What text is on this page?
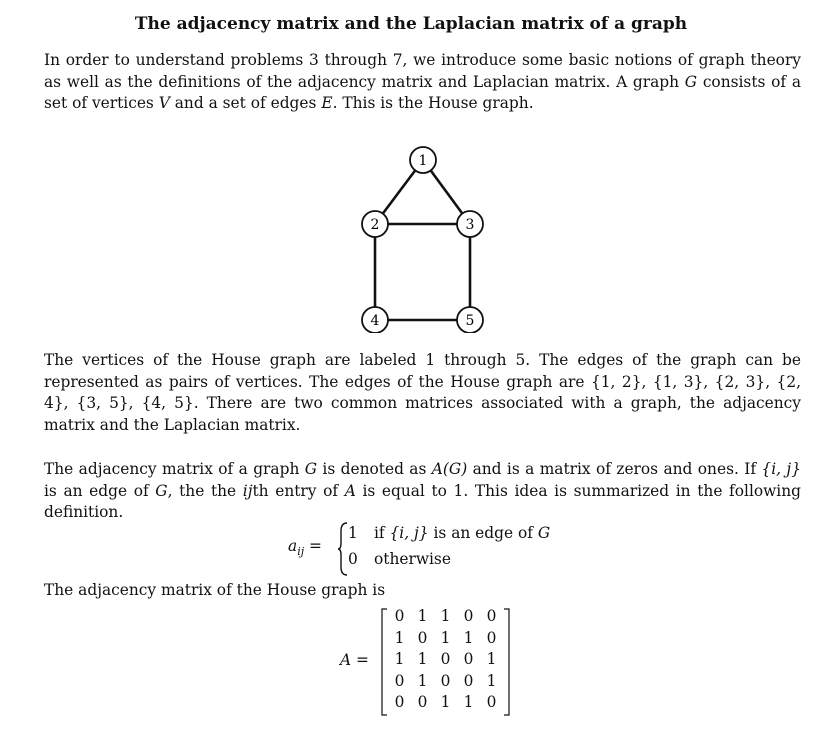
The adjacency matrix and the Laplacian matrix of a graph

In order to understand problems 3 through 7, we introduce some basic notions of graph theory as well as the definitions of the adjacency matrix and Laplacian matrix. A graph G consists of a set of vertices V and a set of edges E. This is the House graph.

1
2	3
4	5

The vertices of the House graph are labeled 1 through 5. The edges of the graph can be represented as pairs of vertices. The edges of the House graph are {1, 2}, {1, 3}, {2, 3}, {2, 4}, {3, 5}, {4, 5}. There are two common matrices associated with a graph, the adjacency matrix and the Laplacian matrix.

The adjacency matrix of a graph G is denoted as A(G) and is a matrix of zeros and ones. If {i, j} is an edge of G, the the ijth entry of A is equal to 1. This idea is summarized in the following definition.

$a_{ij}$ =
1 if {i, j} is an edge of G
0 otherwise

The adjacency matrix of the House graph is

A =
0 1 1 0 0
1 0 1 1 0
1 1 0 0 1
0 1 0 0 1
0 0 1 1 0
